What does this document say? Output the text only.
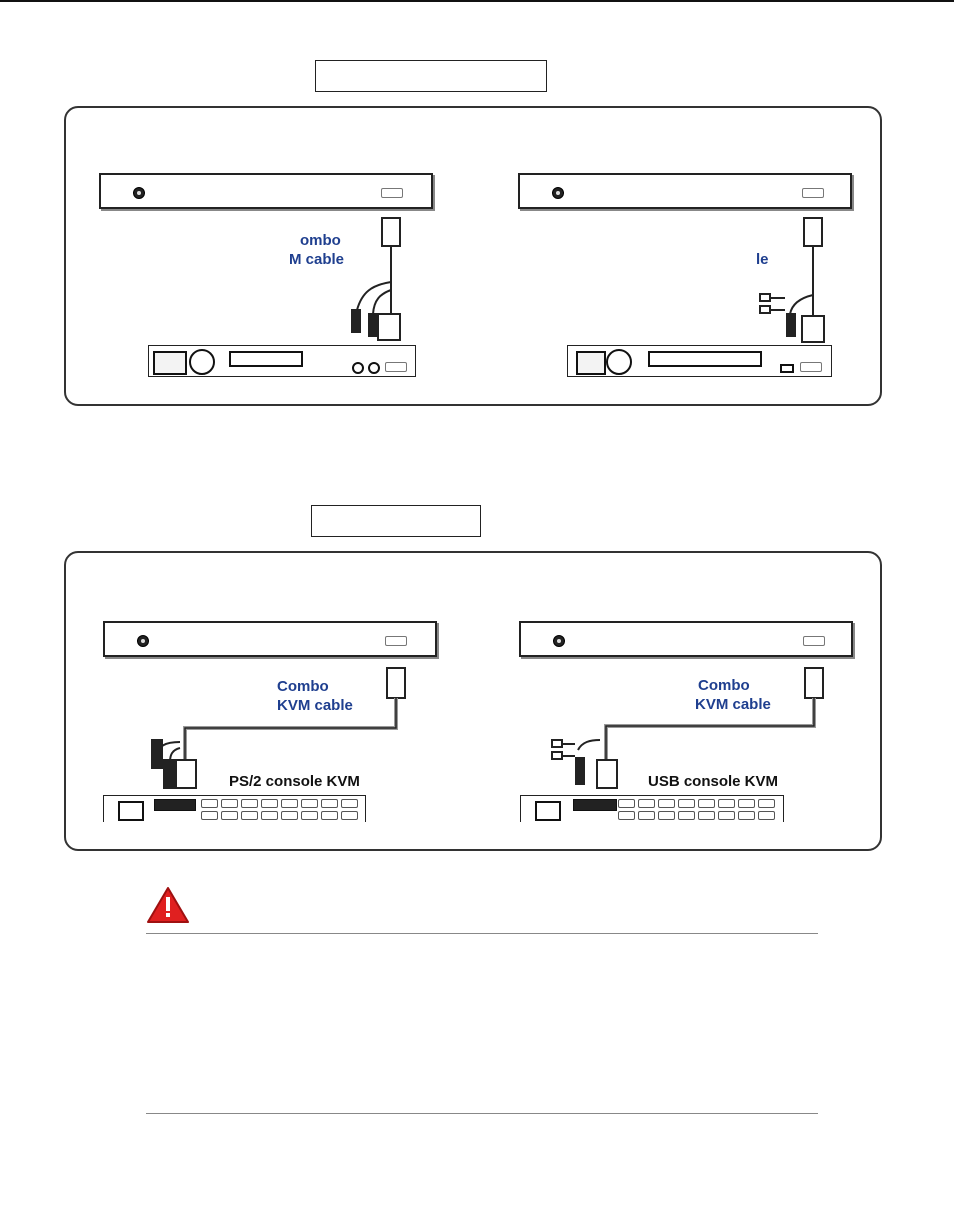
ombo
M cable	le
Combo
KVM cable
Combo
KVM cable
PS/2 console KVM	USB console KVM
